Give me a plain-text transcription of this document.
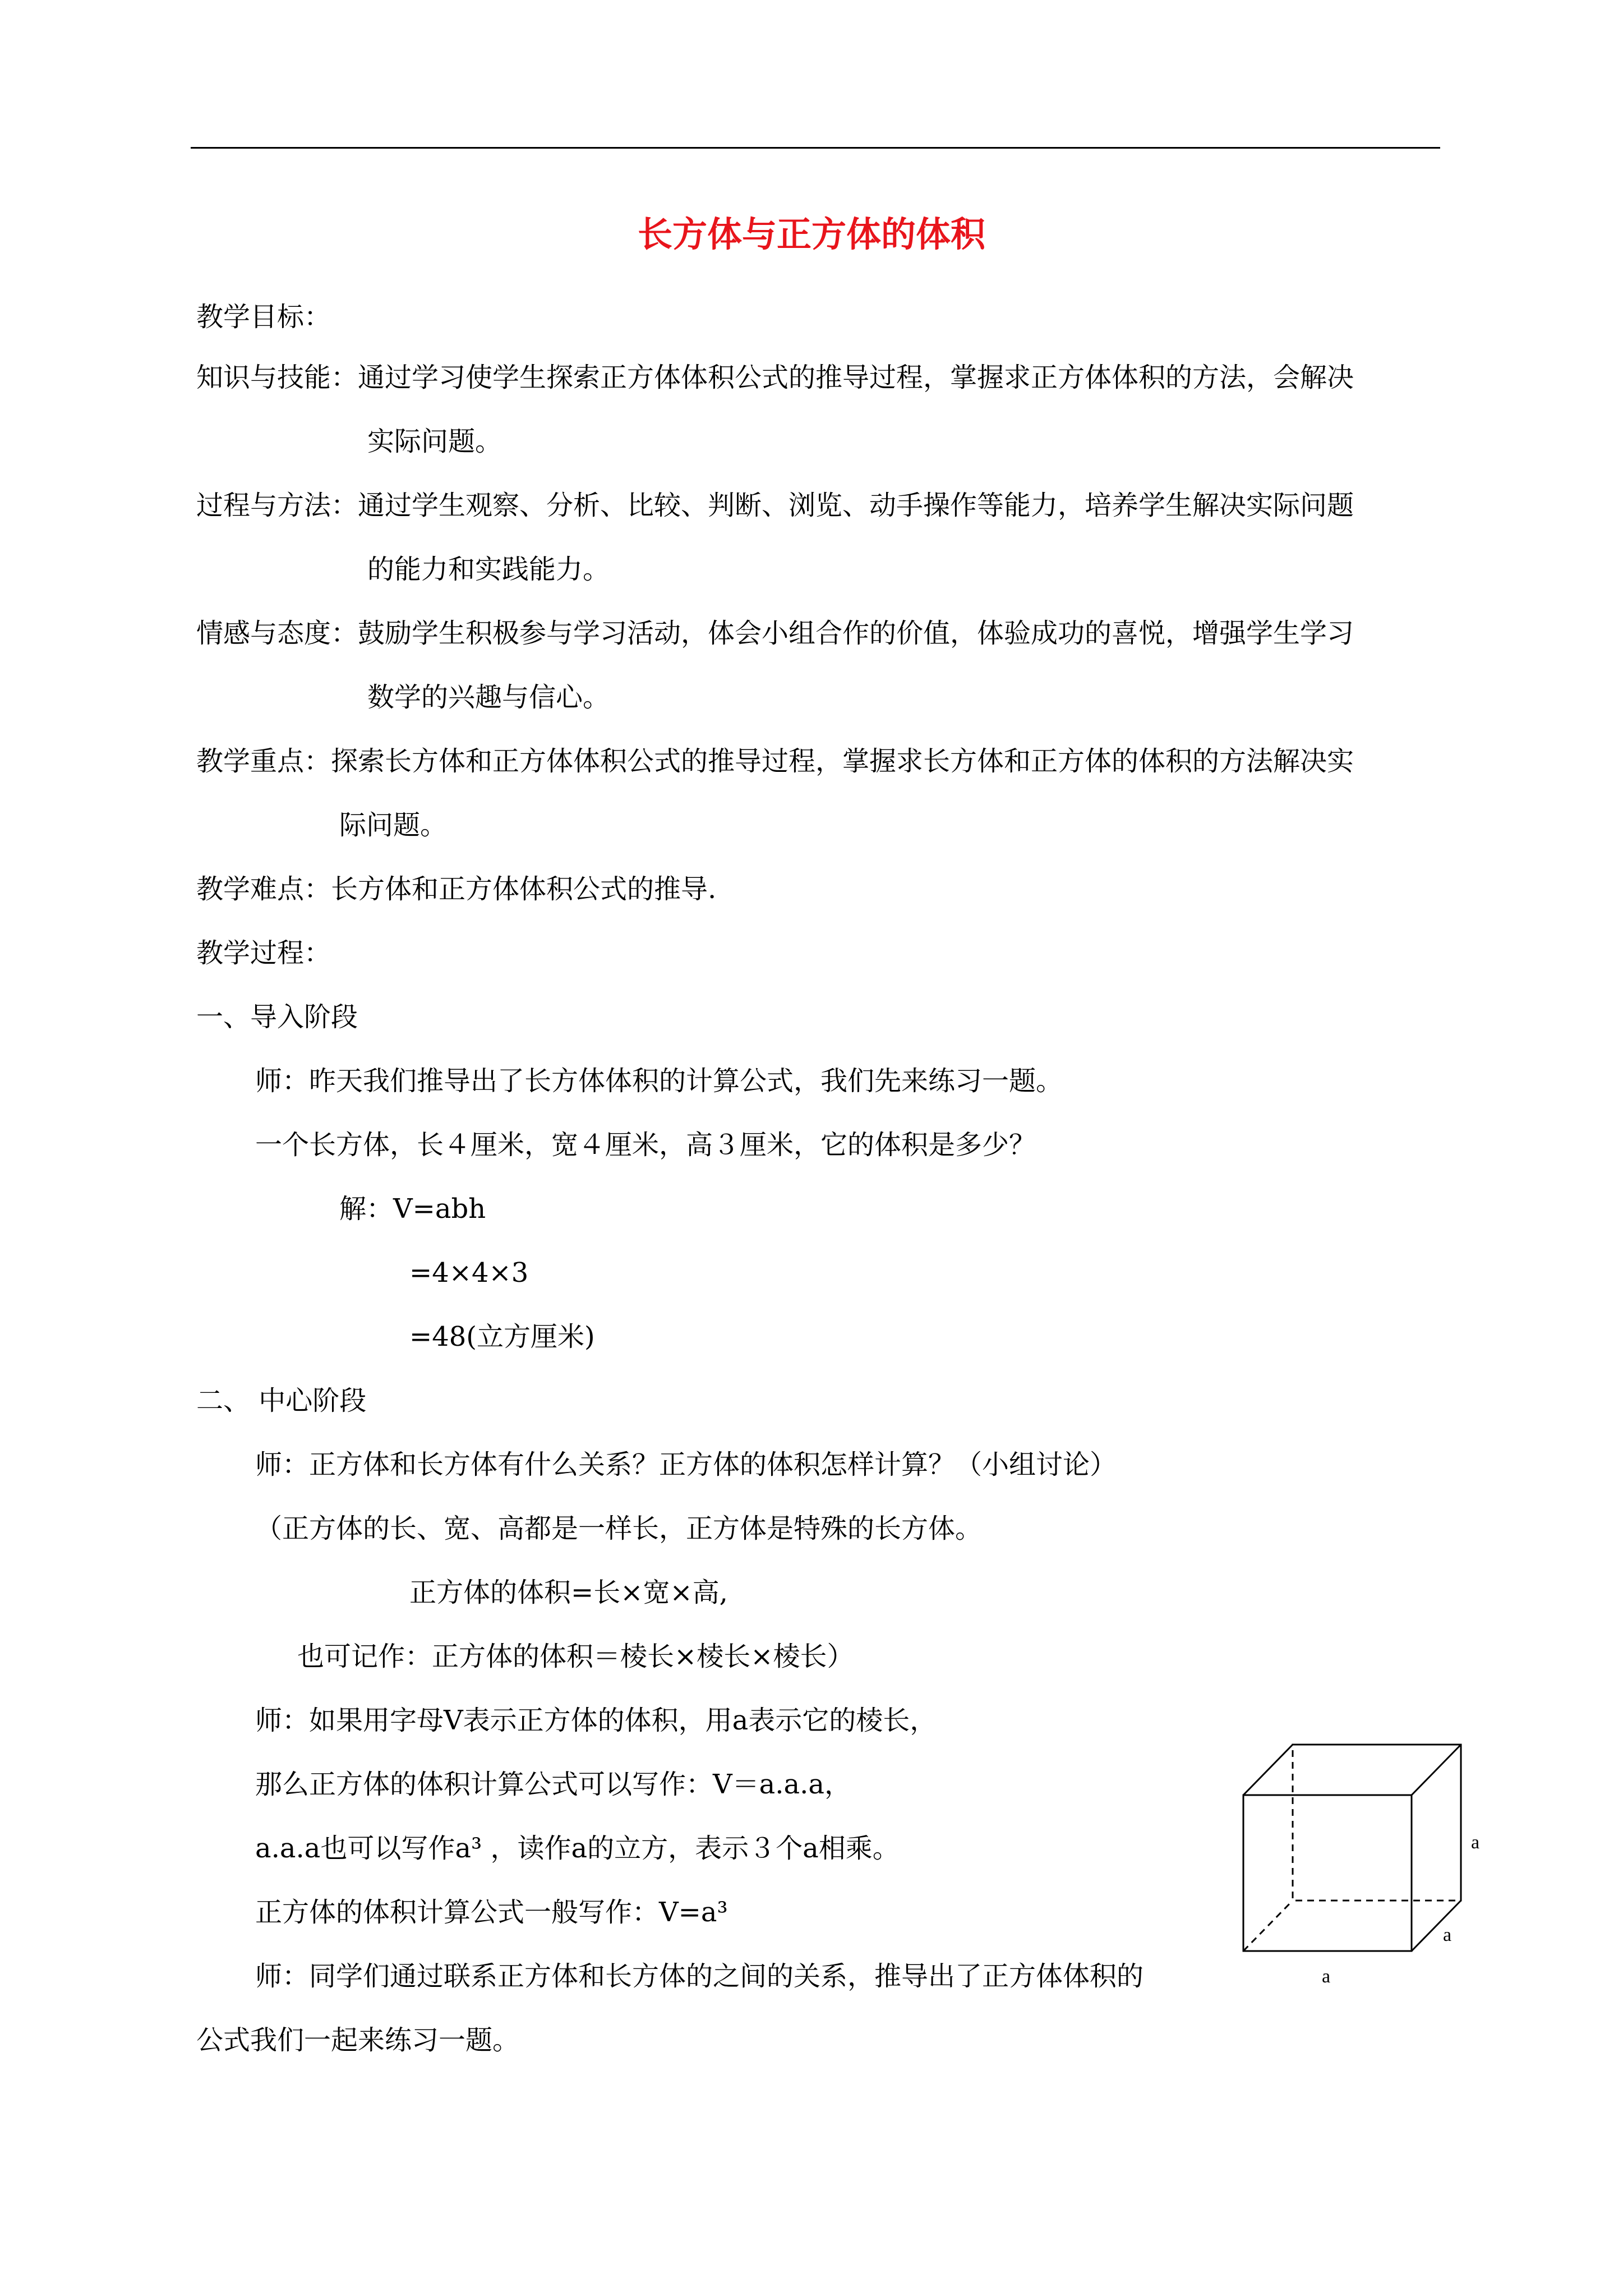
长方体与正方体的体积
教学目标：
知识与技能：通过学习使学生探索正方体体积公式的推导过程，掌握求正方体体积的方法，会解决
实际问题。
过程与方法：通过学生观察、分析、比较、判断、浏览、动手操作等能力，培养学生解决实际问题
的能力和实践能力。
情感与态度：鼓励学生积极参与学习活动，体会小组合作的价值，体验成功的喜悦，增强学生学习
数学的兴趣与信心。
教学重点：探索长方体和正方体体积公式的推导过程，掌握求长方体和正方体的体积的方法解决实
际问题。
教学难点：长方体和正方体体积公式的推导.
教学过程：
一、导入阶段
师：昨天我们推导出了长方体体积的计算公式，我们先来练习一题。
一个长方体，长４厘米，宽４厘米，高３厘米，它的体积是多少？
解：V=abh
=4×4×3
=48(立方厘米)
二、 中心阶段
师：正方体和长方体有什么关系？正方体的体积怎样计算？（小组讨论）
（正方体的长、宽、高都是一样长，正方体是特殊的长方体。
正方体的体积=长×宽×高,
也可记作：正方体的体积＝棱长×棱长×棱长）
师：如果用字母V表示正方体的体积，用a表示它的棱长，
那么正方体的体积计算公式可以写作：V＝a.a.a，
a.a.a也可以写作a³ ，读作a的立方，表示３个a相乘。
正方体的体积计算公式一般写作：V=a³
师：同学们通过联系正方体和长方体的之间的关系，推导出了正方体体积的
公式我们一起来练习一题。
a
a
a
